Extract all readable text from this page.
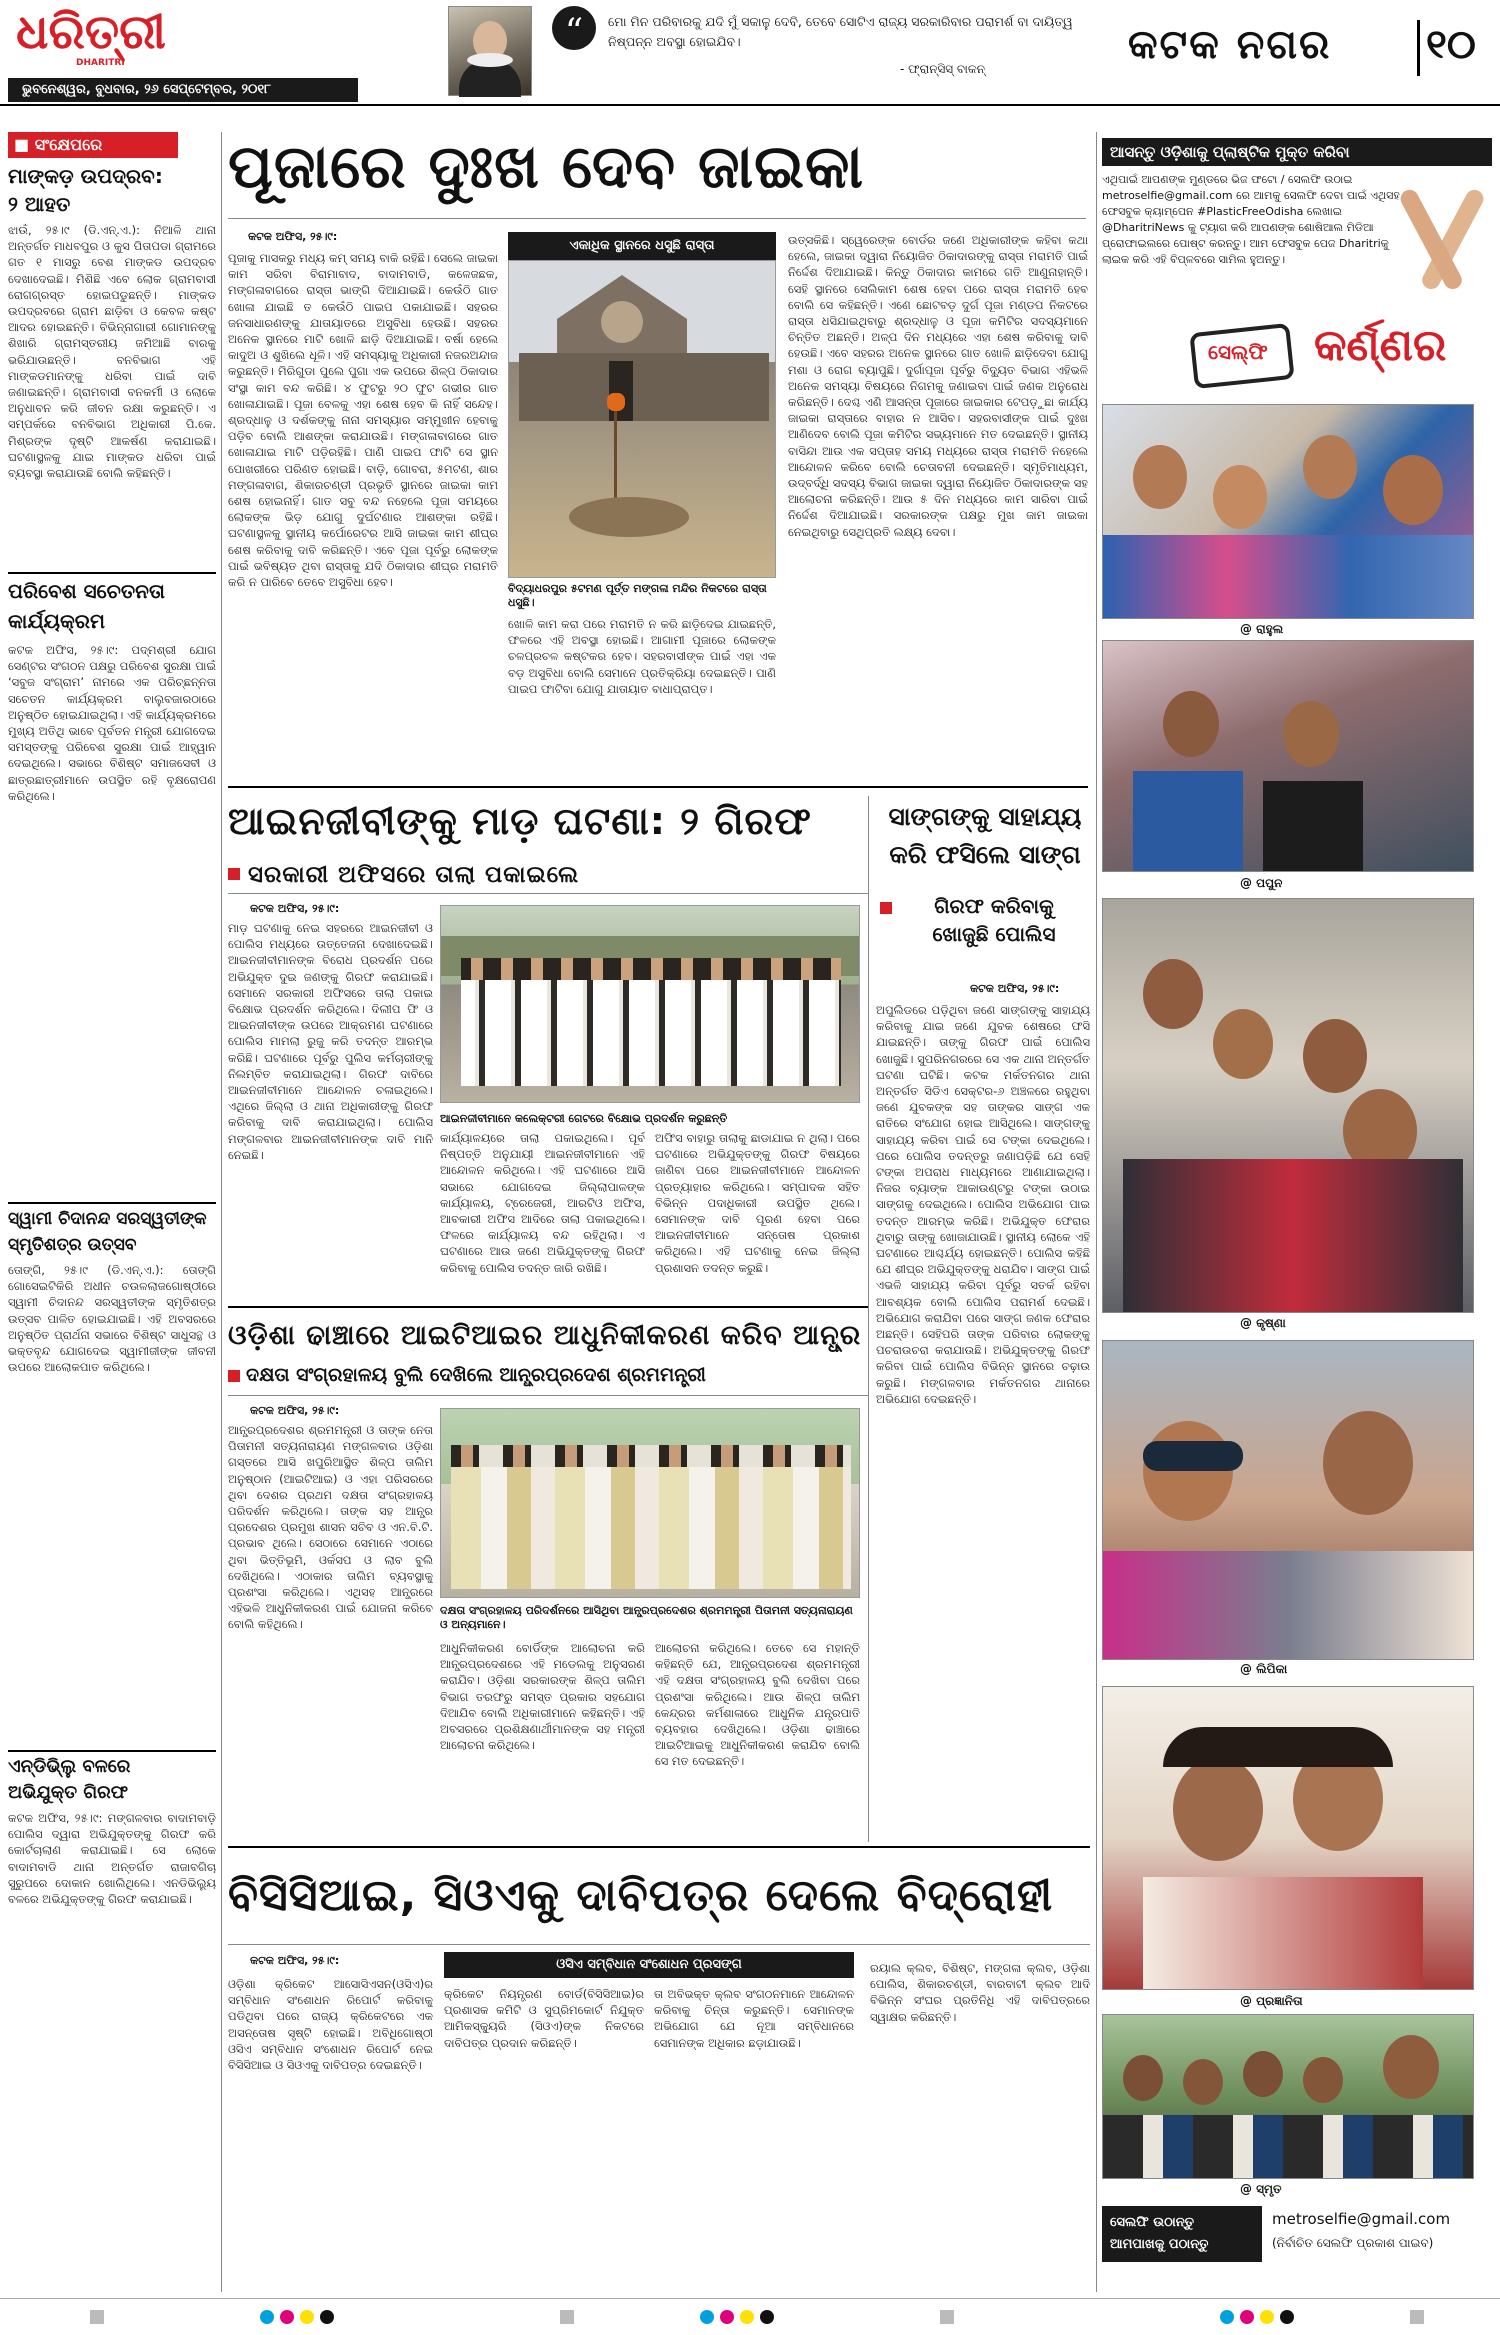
ଧରିତ୍ରୀ
DHARITRI
ଭୁବନେଶ୍ୱର, ବୁଧବାର, ୨୬ ସେପ୍ଟେମ୍ବର, ୨୦୧୮
“	ମୋ ମିନ ପରିବାରକୁ ଯଦି ମୁଁ ସକାଳୁ ଦେବି, ତେବେ ସୋଟିଏ ରାଜ୍ୟ ସରକାରିବାର ପରାମର୍ଶ ବା ଦାୟିତ୍ୱ ନିଷ୍ପନ୍ନ ଅବସ୍ଥା ହୋଇଯିବ।
- ଫ୍ରାନ୍ସିସ୍ ବାକନ୍
କଟକ ନଗର ୧୦
■ ସଂକ୍ଷେପରେ
ମାଙ୍କଡ଼ ଉପଦ୍ରବ:
୨ ଆହତ
ଝାଉଁ, ୨୫।୯ (ଡି.ଏନ୍.ଏ.): ନିଆଳି ଥାନା ଅନ୍ତର୍ଗତ ମାଧବପୁର ଓ କୁସ ପିତାପଡା ଗ୍ରାମରେ ଗତ ୧ ମାସରୁ ବେଶ ମାଙ୍କଡ ଉପଦ୍ରବ ଦେଖାଦେଇଛି। ମିଶିଛି ଏବେ ଲୋକ ଗ୍ରାମବାସୀ ରୋଗଗ୍ରସ୍ତ ହୋଇପଡୁଛନ୍ତି। ମାଙ୍କଡ ଉପଦ୍ରବରେ ଗ୍ରାମ ଛାଡ଼ିବା ଓ କେବଳ କଷ୍ଟ ଆଦର ହୋଇଛନ୍ତି। ବିଭିନ୍ନାଗାରୀ ଗୋମାନଙ୍କୁ ଶିଖାରି ଗ୍ରାମସ୍ତରୀୟ ଜମିଆଛି ବାରକୁ ଭରିଯାଉଛନ୍ତି। ବନବିଭାଗ ଏହି ମାଙ୍କଡମାନଙ୍କୁ ଧରିବା ପାଇଁ ଦାବି ଜଣାଇଛନ୍ତି। ଗ୍ରାମବାସୀ ବନକର୍ମୀ ଓ ଲୋକେ ଅନୁଧାବନ କରି ଜୀବନ ରକ୍ଷା କରୁଛନ୍ତି। ଏ ସମ୍ପର୍କରେ ବନବିଭାଗ ଅଧିକାରୀ ପି.କେ. ମିଶ୍ରଙ୍କ ଦୃଷ୍ଟି ଆକର୍ଷଣ କରାଯାଇଛି। ଘଟଣାସ୍ଥଳକୁ ଯାଇ ମାଙ୍କଡ ଧରିବା ପାଇଁ ବ୍ୟବସ୍ଥା କରାଯାଉଛି ବୋଲି କହିଛନ୍ତି।
ପରିବେଶ ସଚେତନତା
କାର୍ଯ୍ୟକ୍ରମ
କଟକ ଅଫିସ, ୨୫।୯: ପଦ୍ମଶ୍ରୀ ଯୋଗ ସେଣ୍ଟର ସଂଗଠନ ପକ୍ଷରୁ ପରିବେଶ ସୁରକ୍ଷା ପାଇଁ ‘ସବୁଜ ସଂଗ୍ରାମ’ ନାମରେ ଏକ ପରିଚ୍ଛନ୍ନତା ସଚେତନ କାର୍ଯ୍ୟକ୍ରମ ବାଲୁବଜାରଠାରେ ଅନୁଷ୍ଠିତ ହୋଇଯାଇଥିଲା। ଏହି କାର୍ଯ୍ୟକ୍ରମରେ ମୁଖ୍ୟ ଅତିଥି ଭାବେ ପୂର୍ବତନ ମନ୍ତ୍ରୀ ଯୋଗଦେଇ ସମସ୍ତଙ୍କୁ ପରିବେଶ ସୁରକ୍ଷା ପାଇଁ ଆହ୍ୱାନ ଦେଇଥିଲେ। ସଭାରେ ବିଶିଷ୍ଟ ସମାଜସେବୀ ଓ ଛାତ୍ରଛାତ୍ରୀମାନେ ଉପସ୍ଥିତ ରହି ବୃକ୍ଷରୋପଣ କରିଥିଲେ।
ସ୍ୱାମୀ ଚିଦାନନ୍ଦ ସରସ୍ୱତୀଙ୍କ
ସ୍ମୃତିଶତ୍ର ଉତ୍ସବ
ତୋଙ୍ଗି, ୨୫।୯ (ଡି.ଏନ୍.ଏ.): ତୋଙ୍ଗି ଗୋସେଇଟିକିରି ଅଧୀନ ଚଉଳଲାଜଗୋଷ୍ଠୀରେ ସ୍ୱାମୀ ଚିଦାନନ୍ଦ ସରସ୍ୱତୀଙ୍କ ସ୍ମୃତିଶତ୍ର ଉତ୍ସବ ପାଳିତ ହୋଇଯାଇଛି। ଏହି ଅବସରରେ ଅନୁଷ୍ଠିତ ପ୍ରାର୍ଥନା ସଭାରେ ବିଶିଷ୍ଟ ସାଧୁସନ୍ଥ ଓ ଭକ୍ତବୃନ୍ଦ ଯୋଗଦେଇ ସ୍ୱାମୀଜୀଙ୍କ ଜୀବନୀ ଉପରେ ଆଲୋକପାତ କରିଥିଲେ।
ଏନ୍‌ଡିଭି୍ଲୁ ବଳରେ
ଅଭିଯୁକ୍ତ ଗିରଫ
କଟକ ଅଫିସ, ୨୫।୯: ମଙ୍ଗଳବାର ବାଦାମବାଡ଼ି ପୋଲିସ ଦ୍ୱାରା ଅଭିଯୁକ୍ତଙ୍କୁ ଗିରଫ କରି କୋର୍ଟଚାଲାଣ କରାଯାଇଛି। ସେ ଲୋକେ ବାଦାମବାଡି ଥାନା ଅନ୍ତର୍ଗତ ରାଜାବଗିଚା ସୁରୁପରେ ଦୋକାନ ଖୋଲିଥିଲେ। ଏନଡିଭିଲ୍ୟୁ ବଳରେ ଅଭିଯୁକ୍ତଙ୍କୁ ଗିରଫ କରାଯାଇଛି।
ପୂଜାରେ ଦୁଃଖ ଦେବ ଜାଇକା
କଟକ ଅଫିସ, ୨୫।୯:
ପୂଜାକୁ ମାସକରୁ ମଧ୍ୟ କମ୍ ସମୟ ବାକି ରହିଛି। ସେଲେ ଜାଇକା କାମ ସରିବା ବିରାମାବାଦ, ବାଦାମବାଡି, କଳେଜଛକ, ମଙ୍ଗଳାବାଗରେ ରାସ୍ତା ଭାଙ୍ଗି ଦିଆଯାଇଛି। କେଉଁଠି ଗାତ ଖୋଳା ଯାଇଛି ତ କେଉଁଠି ପାଇପ ପକାଯାଇଛି। ସହରର ଜନସାଧାରଣଙ୍କୁ ଯାତାୟାତରେ ଅସୁବିଧା ହେଉଛି। ସହରର ଅନେକ ସ୍ଥାନରେ ମାଟି ଖୋଳି ଛାଡ଼ି ଦିଆଯାଇଛି। ବର୍ଷା ହେଲେ କାଦୁଅ ଓ ଶୁଖିଲେ ଧୂଳି। ଏହି ସମସ୍ୟାକୁ ଅଧିକାରୀ ନଜରଅନ୍ଦାଜ କରୁଛନ୍ତି। ମିରିଗୁଡା ପୁଲେ ପୁଗା ଏକ ଉପରେ ଶିଳ୍ପ ଠିକାଦାର ସଂସ୍ଥା କାମ ବନ୍ଦ କରିଛି। ୪ ଫୁଟରୁ ୨୦ ଫୁଟ ଗଭୀର ଗାତ ଖୋଳାଯାଇଛି। ପୂଜା ବେଳକୁ ଏହା ଶେଷ ହେବ କି ନାହିଁ ସନ୍ଦେହ। ଶ୍ରଦ୍ଧାଳୁ ଓ ଦର୍ଶକଙ୍କୁ ନାନା ସମସ୍ୟାର ସମ୍ମୁଖୀନ ହେବାକୁ ପଡ଼ିବ ବୋଲି ଆଶଙ୍କା କରାଯାଉଛି। ମଙ୍ଗଳାବାଗରେ ଗାତ ଖୋଳାଯାଇ ମାଟି ପଡ଼ିରହିଛି। ପାଣି ପାଇପ ଫାଟି ସେ ସ୍ଥାନ ପୋଖରୀରେ ପରିଣତ ହୋଇଛି। ବାଡ଼ି, ଗୋବରା, ୫ମଟଣ, ଶାର ମଙ୍ଗଳାବାଗ, ଶିକାରଚଣ୍ଡୀ ପ୍ରଭୃତି ସ୍ଥାନରେ ଜାଇକା କାମ ଶେଷ ହୋଇନାହିଁ। ଗାତ ସବୁ ବନ୍ଦ ନହେଲେ ପୂଜା ସମୟରେ ଲୋକଙ୍କ ଭିଡ଼ ଯୋଗୁ ଦୁର୍ଘଟଣାର ଆଶଙ୍କା ରହିଛି। ଘଟଣାସ୍ଥଳକୁ ସ୍ଥାନୀୟ କର୍ପୋରେଟର ଆସି ଜାଇକା କାମ ଶୀଘ୍ର ଶେଷ କରିବାକୁ ଦାବି କରିଛନ୍ତି। ଏବେ ପୂଜା ପୂର୍ବରୁ ଲୋକଙ୍କ ପାଇଁ ଭବିଷ୍ୟତ ଥିବା ରାସ୍ତାକୁ ଯଦି ଠିକାଦାର ଶୀଘ୍ର ମରାମତି କରି ନ ପାରିବେ ତେବେ ଅସୁବିଧା ହେବ।
ଏକାଧିକ ସ୍ଥାନରେ ଧସୁଛି ରାସ୍ତା
ବିଦ୍ୟାଧରପୁର ୫ଟମଣ ପୂର୍ତ୍ତ ମଙ୍ଗଳା ମନ୍ଦିର ନିକଟରେ ରାସ୍ତା ଧସୁଛି।
ଖୋଳି କାମ କରା ପରେ ମରାମତି ନ କରି ଛାଡ଼ିଦେଇ ଯାଇଛନ୍ତି, ଫଳରେ ଏହି ଅବସ୍ଥା ହୋଇଛି। ଆଗାମୀ ପୂଜାରେ ଲୋକଙ୍କ ଚଳପ୍ରଚଳ କଷ୍ଟକର ହେବ। ସହରବାସୀଙ୍କ ପାଇଁ ଏହା ଏକ ବଡ଼ ଅସୁବିଧା ବୋଲି ସେମାନେ ପ୍ରତିକ୍ରିୟା ଦେଇଛନ୍ତି। ପାଣି ପାଇପ ଫାଟିବା ଯୋଗୁ ଯାତାୟାତ ବାଧାପ୍ରାପ୍ତ।
ଉତ୍ସକିଛି। ସ୍ୱେରେଙ୍କ ବୋର୍ଡର ଜଣେ ଅଧିକାରୀଙ୍କ କହିବା କଥା ହେଲେ, ଜାଇକା ଦ୍ୱାରା ନିୟୋଜିତ ଠିକାଦାରଙ୍କୁ ରାସ୍ତା ମରାମତି ପାଇଁ ନିର୍ଦ୍ଦେଶ ଦିଆଯାଇଛି। କିନ୍ତୁ ଠିକାଦାର କାମରେ ଗତି ଆଣୁନାହାନ୍ତି। ସେହି ସ୍ଥାନରେ ସେଲିକାମ ଶେଷ ହେବା ପରେ ରାସ୍ତା ମରାମତି ହେବ ବୋଲି ସେ କହିଛନ୍ତି। ଏଣେ ଛୋଟବଡ଼ ଦୁର୍ଗ ପୂଜା ମଣ୍ଡପ ନିକଟରେ ରାସ୍ତା ଧସିଯାଇଥିବାରୁ ଶ୍ରଦ୍ଧାଳୁ ଓ ପୂଜା କମିଟିର ସଦସ୍ୟମାନେ ଚିନ୍ତିତ ଅଛନ୍ତି। ଅଳ୍ପ ଦିନ ମଧ୍ୟରେ ଏହା ଶେଷ କରିବାକୁ ଦାବି ହେଉଛି। ଏବେ ସହରର ଅନେକ ସ୍ଥାନରେ ଗାତ ଖୋଳି ଛାଡ଼ିଦେବା ଯୋଗୁ ମଶା ଓ ରୋଗ ବ୍ୟାପୁଛି। ଦୁର୍ଗାପୂଜା ପୂର୍ବରୁ ବିଦ୍ୟୁତ ବିଭାଗ ଏହିଭଳି ଅନେକ ସମସ୍ୟା ବିଷୟରେ ନିଗମକୁ ଜଣାଇବା ପାଇଁ ଜଣକ ଅନୁରୋଧ କରିଛନ୍ତି। ଦେଶ୍ଚ ଏଣି ଆସନ୍ତା ପୂଜାରେ ଜାଇକାର ଟେପଡ଼ୁଛା କାର୍ଯ୍ୟ ଜାଇକା ରାସ୍ତାରେ ବାହାର ନ ଆସିବ। ସହରବାସୀଙ୍କ ପାଇଁ ଦୁଃଖ ଆଣିଦେବ ବୋଲି ପୂଜା କମିଟିର ସଭ୍ୟମାନେ ମତ ଦେଇଛନ୍ତି। ସ୍ଥାନୀୟ ବାସିନ୍ଦା ଆଉ ଏକ ସପ୍ତାହ ସମୟ ମଧ୍ୟରେ ରାସ୍ତା ମରାମତି ନହେଲେ ଆନ୍ଦୋଳନ କରିବେ ବୋଲି ଚେତାବନୀ ଦେଇଛନ୍ତି। ସ୍ମୃତିମାଧ୍ୟମ, ଉଦ୍‌ବର୍ଦ୍ଧି ସଦସ୍ୟ ବିଭାଗ ଜାଇକା ଦ୍ୱାରା ନିୟୋଜିତ ଠିକାଦାରଙ୍କ ସହ ଆଲୋଚନା କରିଛନ୍ତି। ଆଉ ୫ ଦିନ ମଧ୍ୟରେ କାମ ସାରିବା ପାଇଁ ନିର୍ଦ୍ଦେଶ ଦିଆଯାଇଛି। ସରକାରଙ୍କ ପକ୍ଷରୁ ମୁଖ ଜାମ ଜାଇକା ନେଇଥିବାରୁ ସେଥିପ୍ରତି ଲକ୍ଷ୍ୟ ଦେବା।
ଆଇନଜୀବୀଙ୍କୁ ମାଡ଼ ଘଟଣା: ୨ ଗିରଫ
ସରକାରୀ ଅଫିସରେ ତାଲା ପକାଇଲେ
କଟକ ଅଫିସ, ୨୫।୯:
ମାଡ଼ ଘଟଣାକୁ ନେଇ ସହରରେ ଆଇନଜୀବୀ ଓ ପୋଲିସ ମଧ୍ୟରେ ଉତ୍ତେଜନା ଦେଖାଦେଇଛି। ଆଇନଜୀବୀମାନଙ୍କ ବିରୋଧ ପ୍ରଦର୍ଶନ ପରେ ଅଭିଯୁକ୍ତ ଦୁଇ ଜଣଙ୍କୁ ଗିରଫ କରାଯାଇଛି। ସେମାନେ ସରକାରୀ ଅଫିସରେ ତାଲା ପକାଇ ବିକ୍ଷୋଭ ପ୍ରଦର୍ଶନ କରିଥିଲେ। ଦିଲୀପ ଫି ଓ ଆଇନଜୀବୀଙ୍କ ଉପରେ ଆକ୍ରମଣ ଘଟଣାରେ ପୋଲିସ ମାମଲା ରୁଜୁ କରି ତଦନ୍ତ ଆରମ୍ଭ କରିଛି। ଘଟଣାରେ ପୂର୍ବରୁ ପୁଲିସ କର୍ମଚାରୀଙ୍କୁ ନିଲମ୍ବିତ କରାଯାଇଥିଲା। ଗିରଫ ଦାବିରେ ଆଇନଜୀବୀମାନେ ଆନ୍ଦୋଳନ ଚଳାଇଥିଲେ। ଏଥିରେ ଜିଲ୍ଲା ଓ ଥାନା ଅଧିକାରୀଙ୍କୁ ଗିରଫ କରିବାକୁ ଦାବି କରାଯାଇଥିଲା। ପୋଲିସ ମଙ୍ଗଳବାର ଆଇନଜୀବୀମାନଙ୍କ ଦାବି ମାନି ନେଇଛି।
ଆଇନଜୀବୀମାନେ କଲେକ୍ଟରୀ ଗେଟରେ ବିକ୍ଷୋଭ ପ୍ରଦର୍ଶନ କରୁଛନ୍ତି
କାର୍ଯ୍ୟାଳୟରେ ତାଲା ପକାଇଥିଲେ। ପୂର୍ବ ନିଷ୍ପତ୍ତି ଅନୁଯାୟୀ ଆଇନଜୀବୀମାନେ ଏହି ଆନ୍ଦୋଳନ କରିଥିଲେ। ଏହି ଘଟଣାରେ ଆସି ସଭାରେ ଯୋଗଦେଇ ଜିଲ୍ଲାପାଳଙ୍କ କାର୍ଯ୍ୟାଳୟ, ଟ୍ରେଜେରୀ, ଆରଟିଓ ଅଫିସ, ଆବକାରୀ ଅଫିସ ଆଦିରେ ତାଲା ପକାଇଥିଲେ। ଫଳରେ କାର୍ଯ୍ୟାଳୟ ବନ୍ଦ ରହିଥିଲା। ଏ ଘଟଣାରେ ଆଉ ଜଣେ ଅଭିଯୁକ୍ତଙ୍କୁ ଗିରଫ କରିବାକୁ ପୋଲିସ ତଦନ୍ତ ଜାରି ରଖିଛି।
ଅଫିସ ବାହାରୁ ତାଲାକୁ ଛାଡାଯାଇ ନ ଥିଲା। ପରେ ଘଟଣାରେ ଅଭିଯୁକ୍ତଙ୍କୁ ଗିରଫ ବିଷୟରେ ଜାଣିବା ପରେ ଆଇନଜୀବୀମାନେ ଆନ୍ଦୋଳନ ପ୍ରତ୍ୟାହାର କରିଥିଲେ। ସମ୍ପାଦକ ସହିତ ବିଭିନ୍ନ ପଦାଧିକାରୀ ଉପସ୍ଥିତ ଥିଲେ। ସେମାନଙ୍କ ଦାବି ପୂରଣ ହେବା ପରେ ଆଇନଜୀବୀମାନେ ସନ୍ତୋଷ ପ୍ରକାଶ କରିଥିଲେ। ଏହି ଘଟଣାକୁ ନେଇ ଜିଲ୍ଲା ପ୍ରଶାସନ ତଦନ୍ତ କରୁଛି।
ସାଙ୍ଗଙ୍କୁ ସାହାଯ୍ୟ
କରି ଫସିଲେ ସାଙ୍ଗ
ଗିରଫ କରିବାକୁ
ଖୋଜୁଛି ପୋଲିସ
କଟକ ଅଫିସ, ୨୫।୯:
ଅପୁଲିଡରେ ପଡ଼ିଥିବା ଜଣେ ସାଙ୍ଗଙ୍କୁ ସାହାଯ୍ୟ କରିବାକୁ ଯାଇ ଜଣେ ଯୁବକ ଶେଷରେ ଫସି ଯାଇଛନ୍ତି। ତାଙ୍କୁ ଗିରଫ ପାଇଁ ପୋଲିସ ଖୋଜୁଛି। ସୁପରିନଗରରେ ସେ ଏକ ଥାନା ଅନ୍ତର୍ଗତ ଘଟଣା ଘଟିଛି। କଟକ ମର୍କତନଗର ଥାନା ଅନ୍ତର୍ଗତ ସିଡିଏ ସେକ୍ଟର-୬ ଅଞ୍ଚଳରେ ରହୁଥିବା ଜଣେ ଯୁବକଙ୍କ ସହ ତାଙ୍କର ସାଙ୍ଗ ଏକ ରାତିରେ ସଂଯୋଗ ହୋଇ ଆସିଥିଲେ। ସାଙ୍ଗଙ୍କୁ ସାହାଯ୍ୟ କରିବା ପାଇଁ ସେ ଟଙ୍କା ଦେଇଥିଲେ। ପରେ ପୋଲିସ ତଦନ୍ତରୁ ଜଣାପଡ଼ିଛି ଯେ ସେହି ଟଙ୍କା ଅପରାଧ ମାଧ୍ୟମରେ ଆଣାଯାଇଥିଲା। ନିଜର ବ୍ୟାଙ୍କ ଆକାଉଣ୍ଟରୁ ଟଙ୍କା ଉଠାଇ ସାଙ୍ଗକୁ ଦେଇଥିଲେ। ପୋଲିସ ଅଭିଯୋଗ ପାଇ ତଦନ୍ତ ଆରମ୍ଭ କରିଛି। ଅଭିଯୁକ୍ତ ଫେରାର ଥିବାରୁ ତାଙ୍କୁ ଖୋଜାଯାଉଛି। ସ୍ଥାନୀୟ ଲୋକେ ଏହି ଘଟଣାରେ ଆଶ୍ଚର୍ଯ୍ୟ ହୋଇଛନ୍ତି। ପୋଲିସ କହିଛି ଯେ ଶୀଘ୍ର ଅଭିଯୁକ୍ତଙ୍କୁ ଧରାଯିବ। ସାଙ୍ଗ ପାଇଁ ଏଭଳି ସାହାଯ୍ୟ କରିବା ପୂର୍ବରୁ ସତର୍କ ରହିବା ଆବଶ୍ୟକ ବୋଲି ପୋଲିସ ପରାମର୍ଶ ଦେଇଛି। ଅଭିଯୋଗ କରାଯିବା ପରେ ସାଙ୍ଗ ଜଣକ ଫେରାର ଅଛନ୍ତି। ସେହିପରି ତାଙ୍କ ପରିବାର ଲୋକଙ୍କୁ ପଚରାଉଚରା କରାଯାଉଛି। ଅଭିଯୁକ୍ତଙ୍କୁ ଗିରଫ କରିବା ପାଇଁ ପୋଲିସ ବିଭିନ୍ନ ସ୍ଥାନରେ ଚଢ଼ାଉ କରୁଛି। ମଙ୍ଗଳବାର ମର୍କତନଗର ଥାନାରେ ଅଭିଯୋଗ ଦେଇଛନ୍ତି।
ଓଡ଼ିଶା ଢାଞ୍ଚାରେ ଆଇଟିଆଇର ଆଧୁନିକୀକରଣ କରିବ ଆନ୍ଧ୍ର
ଦକ୍ଷତା ସଂଗ୍ରହାଳୟ ବୁଲି ଦେଖିଲେ ଆନ୍ଧ୍ରପ୍ରଦେଶ ଶ୍ରମମନ୍ତ୍ରୀ
କଟକ ଅଫିସ, ୨୫।୯:
ଆନ୍ଧ୍ରପ୍ରଦେଶର ଶ୍ରମମନ୍ତ୍ରୀ ଓ ତାଙ୍କ ନେତା ପିତାମନୀ ସତ୍ୟନାରାୟଣ ମଙ୍ଗଳବାର ଓଡ଼ିଶା ଗସ୍ତରେ ଆସି ଖପୁରିଆସ୍ଥିତ ଶିଳ୍ପ ତାଲିମ ଅନୁଷ୍ଠାନ (ଆଇଟିଆଇ) ଓ ଏହା ପରିସରରେ ଥିବା ଦେଶର ପ୍ରଥମ ଦକ୍ଷତା ସଂଗ୍ରହାଳୟ ପରିଦର୍ଶନ କରିଥିଲେ। ତାଙ୍କ ସହ ଆନ୍ଧ୍ର ପ୍ରଦେଶର ପ୍ରମୁଖ ଶାସନ ସଚିବ ଓ ଏନ.ବି.ଟି. ପ୍ରଭାବ ଥିଲେ। ସେଠାରେ ସେମାନେ ଏଠାରେ ଥିବା ଭିତ୍ତିଭୂମି, ଓର୍କସପ ଓ ଲାବ ବୁଲି ଦେଖିଥିଲେ। ଏଠାକାର ତାଲିମ ବ୍ୟବସ୍ଥାକୁ ପ୍ରଶଂସା କରିଥିଲେ। ଏଥିସହ ଆନ୍ଧ୍ରରେ ଏହିଭଳି ଆଧୁନିକୀକରଣ ପାଇଁ ଯୋଜନା କରିବେ ବୋଲି କହିଥିଲେ।
ଦକ୍ଷତା ସଂଗ୍ରହାଳୟ ପରିଦର୍ଶନରେ ଆସିଥିବା ଆନ୍ଧ୍ରପ୍ରଦେଶର ଶ୍ରମମନ୍ତ୍ରୀ ପିତାମନୀ ସତ୍ୟନାରାୟଣ ଓ ଅନ୍ୟମାନେ।
ଆଧୁନିକୀକରଣ ବୋର୍ଡିଙ୍କ ଆଲୋଚନା କରି ଆନ୍ଧ୍ରପ୍ରଦେଶରେ ଏହି ମଡେଲକୁ ଅନୁସରଣ କରାଯିବ। ଓଡ଼ିଶା ସରକାରଙ୍କ ଶିଳ୍ପ ତାଲିମ ବିଭାଗ ତରଫରୁ ସମସ୍ତ ପ୍ରକାର ସହଯୋଗ ଦିଆଯିବ ବୋଲି ଅଧିକାରୀମାନେ କହିଛନ୍ତି। ଏହି ଅବସରରେ ପ୍ରଶିକ୍ଷଣାର୍ଥୀମାନଙ୍କ ସହ ମନ୍ତ୍ରୀ ଆଲୋଚନା କରିଥିଲେ।
ଆଲୋଚନା କରିଥିଲେ। ତେବେ ସେ ମହାନ୍ତି କହିଛନ୍ତି ଯେ, ଆନ୍ଧ୍ରପ୍ରଦେଶ ଶ୍ରମମନ୍ତ୍ରୀ ଏହି ଦକ୍ଷତା ସଂଗ୍ରହାଳୟ ବୁଲି ଦେଖିବା ପରେ ପ୍ରଶଂସା କରିଥିଲେ। ଆଉ ଶିଳ୍ପ ତାଲିମ କେନ୍ଦ୍ରର କର୍ମଶାଳାରେ ଆଧୁନିକ ଯନ୍ତ୍ରପାତି ବ୍ୟବହାର ଦେଖିଥିଲେ। ଓଡ଼ିଶା ଢାଞ୍ଚାରେ ଆଇଟିଆଇକୁ ଆଧୁନିକୀକରଣ କରାଯିବ ବୋଲି ସେ ମତ ଦେଇଛନ୍ତି।
ବିସିସିଆଇ, ସିଓଏକୁ ଦାବିପତ୍ର ଦେଲେ ବିଦ୍ରୋହୀ
କଟକ ଅଫିସ, ୨୫।୯:
ଓଡ଼ିଶା କ୍ରିକେଟ ଆସୋସିଏସନ(ଓସିଏ)ର ସମ୍ବିଧାନ ସଂଶୋଧନ ରିପୋର୍ଟ କରିବାକୁ ପଡିଥିବା ପରେ ରାଜ୍ୟ କ୍ରିକେଟରେ ଏକ ଅସନ୍ତୋଷ ସୃଷ୍ଟି ହୋଇଛି। ଅବିଧିଗୋଷ୍ଠୀ ଓସିଏ ସମ୍ବିଧାନ ସଂଶୋଧନ ରିପୋର୍ଟ ନେଇ ବିସିସିଆଇ ଓ ସିଓଏକୁ ଦାବିପତ୍ର ଦେଇଛନ୍ତି।
ଓସିଏ ସମ୍ବିଧାନ ସଂଶୋଧନ ପ୍ରସଙ୍ଗ
କ୍ରିକେଟ ନିୟନ୍ତ୍ରଣ ବୋର୍ଡ(ବିସିସିଆଇ)ର ପ୍ରଶାସକ କମିଟି ଓ ସୁପ୍ରିମକୋର୍ଟ ନିଯୁକ୍ତ ଆମିକସ୍‌କ୍ୟୁରି (ସିଓଏ)ଙ୍କ ନିକଟରେ ଦାବିପତ୍ର ପ୍ରଦାନ କରିଛନ୍ତି।
ତା ଅବିଭକ୍ତ କ୍ଲବ ସଂଗଠନମାନେ ଆନ୍ଦୋଳନ କରିବାକୁ ଚିନ୍ତା କରୁଛନ୍ତି। ସେମାନଙ୍କ ଅଭିଯୋଗ ଯେ ନୂଆ ସମ୍ବିଧାନରେ ସେମାନଙ୍କ ଅଧିକାର ଛଡ଼ାଯାଉଛି।
ରୟାଲ କ୍ଲବ, ବିଶିଷ୍ଟ, ମଙ୍ଗଳା କ୍ଲବ, ଓଡ଼ିଶା ପୋଲିସ, ଶିକାରଚଣ୍ଡୀ, ବାରବାଟୀ କ୍ଲବ ଆଦି ବିଭିନ୍ନ ସଂଘର ପ୍ରତିନିଧି ଏହି ଦାବିପତ୍ରରେ ସ୍ୱାକ୍ଷର କରିଛନ୍ତି।
ଆସନ୍ତୁ ଓଡ଼ିଶାକୁ ପ୍ଲାଷ୍ଟିକ ମୁକ୍ତ କରିବା
ଏଥିପାଇଁ ଆପଣଙ୍କ ମୁଣ୍ଡରେ ଭିଜ ଫଟୋ / ସେଲଫି ଉଠାଇ metroselfie@gmail.com ରେ ଆମକୁ ସେଲଫି ଦେବା ପାଇଁ ଏଥିସହ ଫେସବୁକ କ୍ୟାମ୍ପେନ #PlasticFreeOdisha ଲେଖାଇ @DharitriNews କୁ ଟ୍ୟାଗ କରି ଆପଣଙ୍କ ଶୋଷିଆଲ ମିଡିଆ ପ୍ରୋଫାଇଲରେ ପୋଷ୍ଟ କରନ୍ତୁ। ଆମ ଫେସବୁକ ପେଜ Dharitriକୁ ଲାଇକ କରି ଏହି ବିପ୍ଳବରେ ସାମିଲ ହୁଅନ୍ତୁ।
ସେଲ୍ଫି କର୍ଣ୍ଣର
@ ରାହୁଲ
@ ପପୁନ
@ କୃଷ୍ଣା
@ ଲିପିକା
@ ପ୍ରଜ୍ଞାନିତା
@ ସ୍ମୃତ
ସେଲଫି ଉଠାନ୍ତୁ
ଆମପାଖକୁ ପଠାନ୍ତୁ
metroselfie@gmail.com
(ନିର୍ବାଚିତ ସେଲଫି ପ୍ରକାଶ ପାଇବ)
